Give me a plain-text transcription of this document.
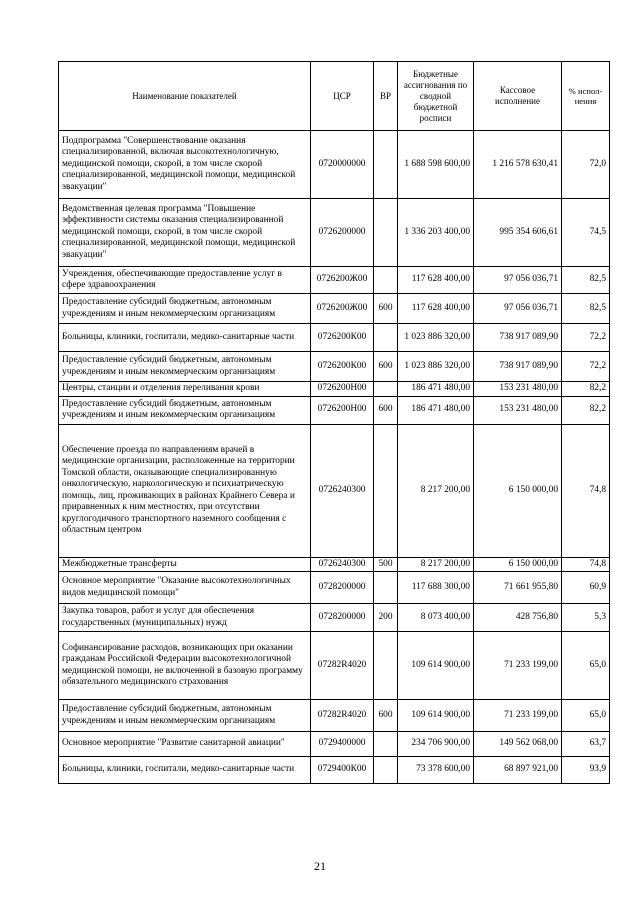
Наименование показателей	ЦСР	ВР	Бюджетные ассигнования по сводной бюджетной росписи	Кассовое исполнение	% испол-нения
Подпрограмма "Совершенствование оказания специализированной, включая высокотехнологичную, медицинской помощи, скорой, в том числе скорой специализированной, медицинской помощи, медицинской эвакуации"	0720000000		1 688 598 600,00	1 216 578 630,41	72,0
Ведомственная целевая программа "Повышение эффективности системы оказания специализированной медицинской помощи, скорой, в том числе скорой специализированной, медицинской помощи, медицинской эвакуации"	0726200000		1 336 203 400,00	995 354 606,61	74,5
Учреждения, обеспечивающие предоставление услуг в сфере здравоохранения	0726200Ж00		117 628 400,00	97 056 036,71	82,5
Предоставление субсидий бюджетным, автономным учреждениям и иным некоммерческим организациям	0726200Ж00	600	117 628 400,00	97 056 036,71	82,5
Больницы, клиники, госпитали, медико-санитарные части	0726200К00		1 023 886 320,00	738 917 089,90	72,2
Предоставление субсидий бюджетным, автономным учреждениям и иным некоммерческим организациям	0726200К00	600	1 023 886 320,00	738 917 089,90	72,2
Центры, станции и отделения переливания крови	0726200Н00		186 471 480,00	153 231 480,00	82,2
Предоставление субсидий бюджетным, автономным учреждениям и иным некоммерческим организациям	0726200Н00	600	186 471 480,00	153 231 480,00	82,2
Обеспечение проезда по направлениям врачей в медицинские организации, расположенные на территории Томской области, оказывающие специализированную онкологическую, наркологическую и психиатрическую помощь, лиц, проживающих в районах Крайнего Севера и приравненных к ним местностях, при отсутствии круглогодичного транспортного наземного сообщения с областным центром	0726240300		8 217 200,00	6 150 000,00	74,8
Межбюджетные трансферты	0726240300	500	8 217 200,00	6 150 000,00	74,8
Основное мероприятие "Оказание высокотехнологичных видов медицинской помощи"	0728200000		117 688 300,00	71 661 955,80	60,9
Закупка товаров, работ и услуг для обеспечения государственных (муниципальных) нужд	0728200000	200	8 073 400,00	428 756,80	5,3
Софинансирование расходов, возникающих при оказании гражданам Российской Федерации высокотехнологичной медицинской помощи, не включенной в базовую программу обязательного медицинского страхования	07282R4020		109 614 900,00	71 233 199,00	65,0
Предоставление субсидий бюджетным, автономным учреждениям и иным некоммерческим организациям	07282R4020	600	109 614 900,00	71 233 199,00	65,0
Основное мероприятие "Развитие санитарной авиации"	0729400000		234 706 900,00	149 562 068,00	63,7
Больницы, клиники, госпитали, медико-санитарные части	0729400К00		73 378 600,00	68 897 921,00	93,9
21
